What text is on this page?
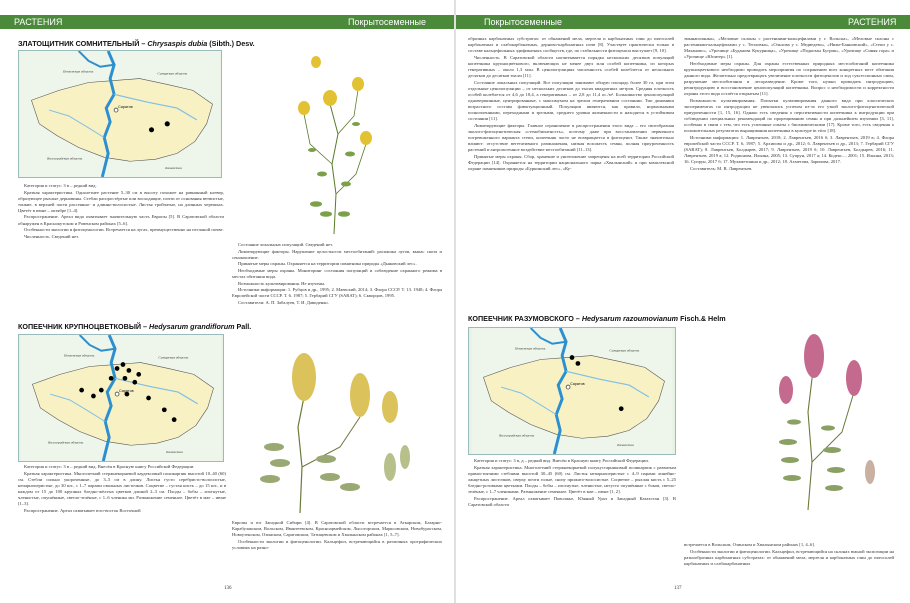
РАСТЕНИЯ	Покрытосеменные	Покрытосеменные	РАСТЕНИЯ
ЗЛАТОЩИТНИК СОМНИТЕЛЬНЫЙ – Chrysaspis dubia (Sibth.) Desv.
Пензенская область	Самарская область
Саратов
Волгоградская область
Казахстан

Категория и статус: 3 в – редкий вид.

Краткая характеристика. Однолетнее растение 5–30 см в высоту похожее на равнинный клевер, образующее рыхлые дерновины. Стебли распростёртые или восходящие, почти от основания ветвистые, тонкие, в верхней части рассеянно- и длинно-волосистые. Листья тройчатые, на длинных черешках. Цветёт в июне – октябре [1–4].

Распространение. Ареал вида охватывает значительную часть Европы [5]. В Саратовской области обнаружен в Краснокутском и Ровенском районах [5–6].

Особенности экологии и фитоценологии. Встречается на лугах, преимущественно на песчаной почве.

Численность. Сведений нет.

Состояние локальных популяций. Сведений нет.

Лимитирующие факторы. Нарушение целостности местообитаний: распашка лугов, выпас скота и сенокошение.

Принятые меры охраны. Охраняется на территории памятника природы «Дьяковский лес».

Необходимые меры охраны. Мониторинг состояния популяций и соблюдение охранного режима в местах обитания вида.

Возможность культивирования. Не изучены.

Источники информации: 1. Рубцов и др., 1995; 2. Маевский, 2014; 3. Флора СССР. Т. 13. 1948; 4. Флора Европейской части СССР. Т. 6. 1987; 5. Гербарий СГУ (SARAT); 6. Скворцов, 1995.

Составители: А. П. Забалуев, Т. И. Давиденко.

КОПЕЕЧНИК КРУПНОЦВЕТКОВЫЙ – Hedysarum grandiflorum Pall.
Пензенская область	Самарская область
Саратов
Волгоградская область
Казахстан

Категория и статус: 3 в – редкий вид. Внесён в Красную книгу Российской Федерации.

Краткая характеристика. Многолетний стержнекорневой каудексовый поликарпик высотой 10–40 (60) см. Стебли сильно укороченные, до 3–5 см в длину. Листья густо серебристо-волосистые, непарноперистые, до 30 шт., с 1–7 парами овальных листочков. Соцветие – густая кисть – до 15 шт., и в каждом от 15 до 100 крупных бледно-жёлтых цветков длиной 2–3 см. Плоды – бобы – изогнутые, членистые, опушённые, светло-зелёные, с 1–6 членика ми. Размножение семенное. Цветёт в мае – июне [1–3].

Распространение. Ареал охватывает юго-восток Восточной

Европы и юг Западной Сибири [4]. В Саратовской области встречается в Аткарском, Базарно-Карабулакском, Вольском, Ивантеевском, Красноармейском, Лысогорском, Марксовском, Новобурасском, Новоузенском, Озинском, Саратовском, Татищевском и Хвалынском районах [1, 5–7].

Особенности экологии и фитоценологии. Кальцефил, встречающийся в различных орографических условиях на разно-

136

образных карбонатных субстратах: от обнажений мела, мергеля и карбонатных глин до пятосолей карбонатных и слабокарбонатных, дерново-карбонатных почв [8]. Участвует практически только в составе кальцефильных эдификатных сообществ, где, по стабильности фитоценоза выступает [9, 10].

Численность. В Саратовской области насчитывается порядка нескольких десятков популяций копеечника крупноцветкового, включающих не менее двух млн особей копеечника, из которых генеративных – около 1,3 млн. В ценопопуляциях численность особей колеблется от нескольких десятков до десятков тысяч [11].

Состояние локальных популяций. Все популяции занимают общую площадь более 30 га, при этом отдельные ценопопуляции – от нескольких десятков до тысяч квадратных метров. Средняя плотность особей колеблется от 4,6 до 18,4, а генеративных – от 2,8 до 11,4 ос./м². Большинство ценопопуляций одновершинные, центрированные, с максимумом на зрелом генеративном состоянии. Тип динамики возрастного состава флюктуационный. Популяции являются, как правило, нормальными полночленными, переходными и зрелыми, среднего уровня жизненности и находятся в устойчивом состоянии [11].

Лимитирующие факторы. Главное ограничение в распространении этого вида – его своеобразная эколого-фитоценотическая «стенобионтность», поэтому даже при восстановлении первичного потревоженного варианта степи, копеечник часто не возвращается в фитоценоз. Также значительно влияют: отсутствие вегетативного размножения, низкая всхожесть семян, полная приуроченность растений и антропогенное воздействие местообитаний [11–13].

Принятые меры охраны. Сбор, хранение и уничтожение запрещены на всей территории Российской Федерации [14]. Охраняется на территории национального парка «Хвалынский» и при комплексной охране памятников природы «Буркинский лес», «Ку-

змынаполянка», «Меловые склоны с растениями-кальцефилами у г. Вольска», «Меловые склоны с растениями-кальцефилами у с. Тепловка», «Ольхова у с. Медведево», «Ниже-Банновский», «Степи у с. Маханово», «Урочище «Буданова Кукурница», «Урочище «Подкозан Бугрик», «Урочище «Синяя гора» и «Урочище «Юпитер» [1].

Необходимые меры охраны. Для охраны естественных природных местообитаний копеечника крупноцветкового необходимо проводить мероприятия по сохранению всех конкретных мест обитания данного вида. Желательно предотвращать увеличение плотности фитоценозов и ход суксессионных смен, разрушение местообитания и лесоразведение. Кроме того, нужно проводить интродукцию, реинтродукцию и восстановление ценопопуляций копеечника. Вопрос о необходимости и корректности охраны этого вида остаётся открытым [11].

Возможность культивирования. Попытки культивирования данного вида при классических экспериментах по интродукции не увенчались успехом из-за его узкой эколого-фитоценотической приуроченности [1, 15, 16]. Однако есть сведения о перспективности копеечника к интродукции при соблюдении специальных рекомендаций по прорещиванию семян и при дальнейшем изучении [3, 11], особенно в связи с тем, что есть успешные опыты с биохимическими [17]. Кроме того, есть сведения о положительных результатах выращивания копеечника в культуре in vitro [18].

Источники информации: 1. Лаврентьев, 2018; 2. Лаврентьев, 2016 б; 3. Лаврентьев, 2019 в; 4. Флора европейской части СССР. Т. 6, 1987; 5. Архипова и др., 2012; 6. Лаврентьев и др., 2013; 7. Гербарий СГУ (SARAT); 8. Лаврентьев, Болдырев, 2017; 9. Лаврентьев, 2019 б; 10. Лаврентьев, Болдырев, 2016; 11. Лаврентьев, 2019 а; 12. Родионова, Ильина, 2005; 13. Супрун, 2017 а; 14. Кодекс..., 2001; 15. Ильина, 2013; 16. Супрун, 2017 б; 17. Мухаметшина и др., 2012; 18. Ахметова, Зарипова, 2017.

Составитель: М. В. Лаврентьев.

КОПЕЕЧНИК РАЗУМОВСКОГО – Hedysarum razoumovianum Fisch.& Helm
Пензенская область	Самарская область
Саратов
Волгоградская область
Казахстан

Категория и статус: 3 в, д – редкий вид. Внесён в Красную книгу Российской Федерации.

Краткая характеристика. Многолетний стержнекорневой полукустарниковый поликарпик с развитым прямостоячими стеблями высотой 30–45 (60) см. Листья непарноперистые с 4–9 парами линейно-ланцетных листочков, сверху почти голые, снизу прижато-волосистые. Соцветие – рыхлая кисть с 5–25 бледно-розовыми цветками. Плоды – бобы – изогнутые, членистые, негусто опушённые с боков, светло-зелёные, с 1–7 члениками. Размножение семенное. Цветёт в мае – июне [1, 2].

Распространение. Ареал охватывает Поволжье, Южный Урал и Западный Казахстан [3]. В Саратовской области

встречается в Вольском, Озинском и Хвалынском районах [1, 4–6].

Особенности экологии и фитоценологии. Кальцефил, встречающийся на склонах южной экспозиции на разнообразных карбонатных субстратах: от обнажений мела, мергеля и карбонатных глин до пятосолей карбонатных и слабокарбонатных

137
